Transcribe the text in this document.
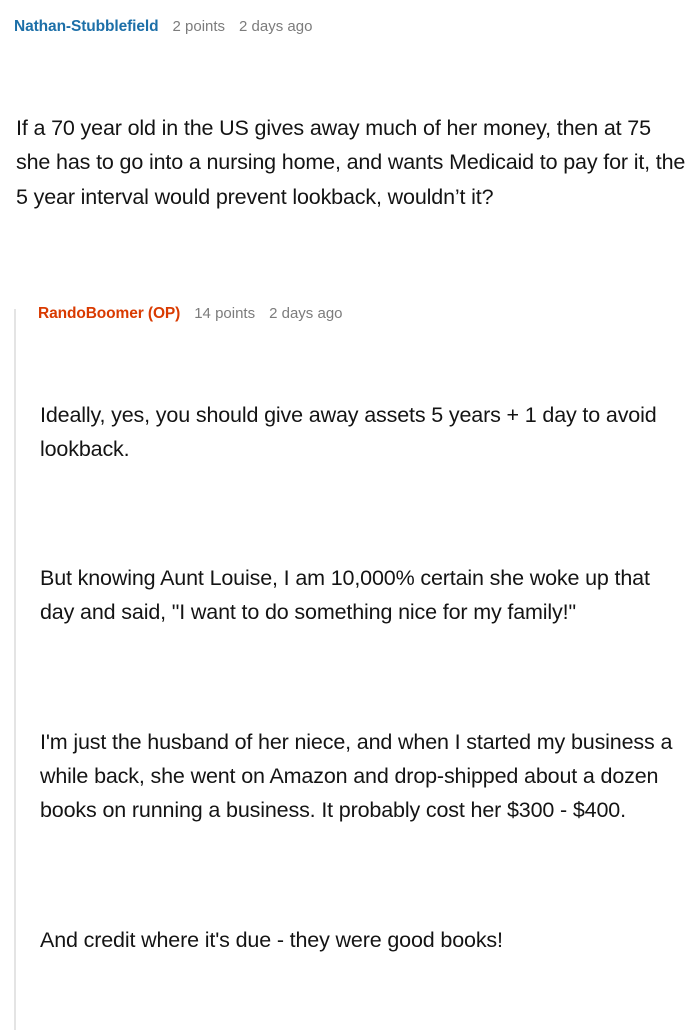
Nathan-Stubblefield 2 points 2 days ago

If a 70 year old in the US gives away much of her money, then at 75 she has to go into a nursing home, and wants Medicaid to pay for it, the 5 year interval would prevent lookback, wouldn’t it?

RandoBoomer (OP) 14 points 2 days ago

Ideally, yes, you should give away assets 5 years + 1 day to avoid lookback.

But knowing Aunt Louise, I am 10,000% certain she woke up that day and said, "I want to do something nice for my family!"

I'm just the husband of her niece, and when I started my business a while back, she went on Amazon and drop-shipped about a dozen books on running a business. It probably cost her $300 - $400.

And credit where it's due - they were good books!
